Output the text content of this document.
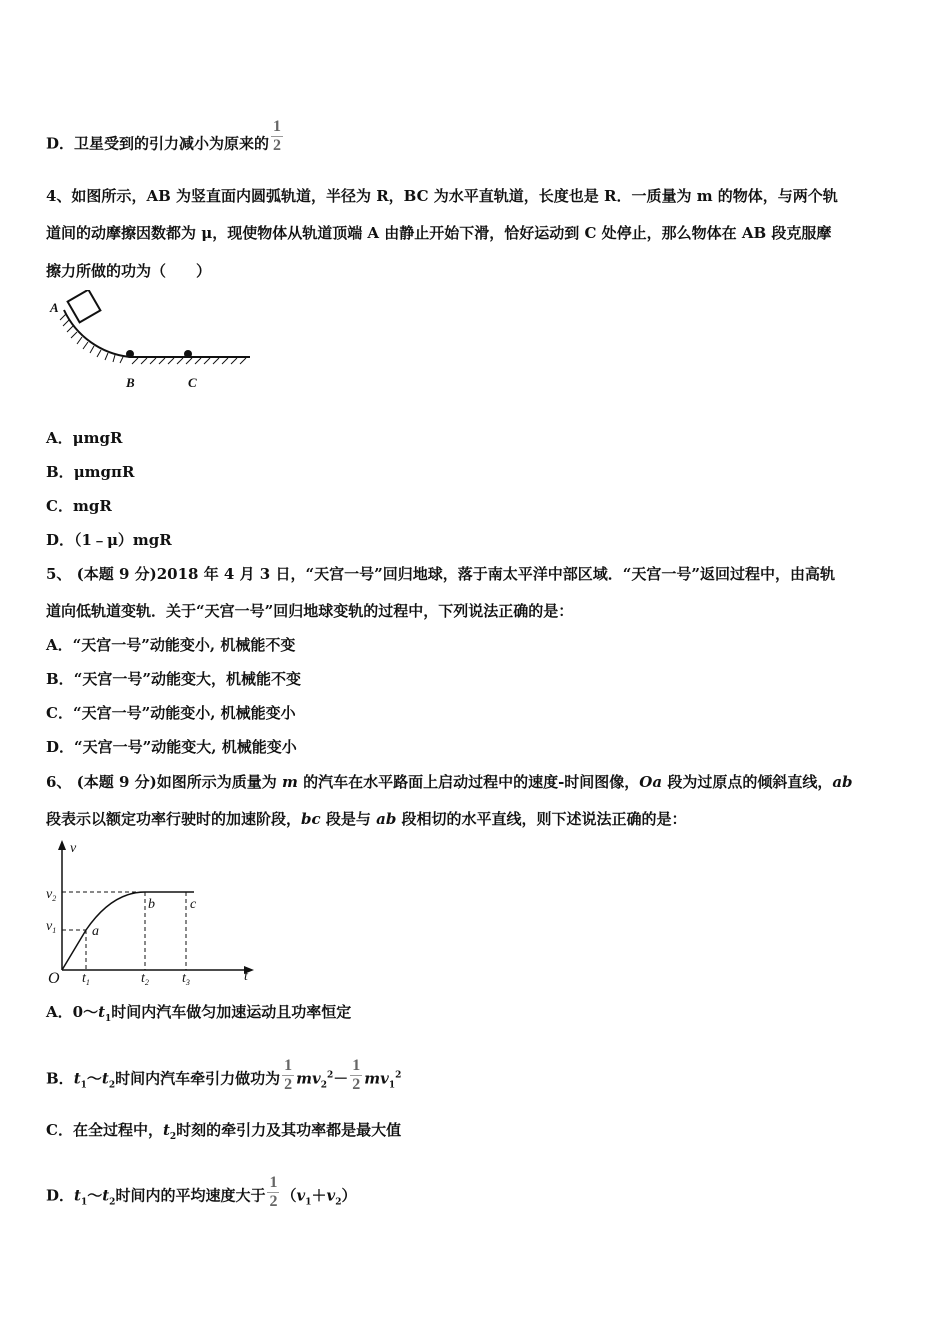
D．卫星受到的引力减小为原来的 $\frac{1}{2}$
4、如图所示，AB 为竖直面内圆弧轨道，半径为 R，BC 为水平直轨道，长度也是 R．一质量为 m 的物体，与两个轨
道间的动摩擦因数都为 μ，现使物体从轨道顶端 A 由静止开始下滑，恰好运动到 C 处停止，那么物体在 AB 段克服摩
擦力所做的功为（　　）
A
B	C
A．μmgR
B．μmgπR
C．mgR
D．（1﹣μ）mgR
5、 (本题 9 分)2018 年 4 月 3 日，“天宫一号”回归地球，落于南太平洋中部区域．“天宫一号”返回过程中，由高轨
道向低轨道变轨．关于“天宫一号”回归地球变轨的过程中，下列说法正确的是：
A．“天宫一号”动能变小, 机械能不变
B．“天宫一号”动能变大，机械能不变
C．“天宫一号”动能变小, 机械能变小
D．“天宫一号”动能变大, 机械能变小
6、 (本题 9 分)如图所示为质量为 m 的汽车在水平路面上启动过程中的速度-时间图像，Oa 段为过原点的倾斜直线，ab
段表示以额定功率行驶时的加速阶段，bc 段是与 ab 段相切的水平直线，则下述说法正确的是：
v
t
O
$v_2$
$v_1$
$t_1$	$t_2$ $t_3$
a
b	c
A．$0\sim t_1$时间内汽车做匀加速运动且功率恒定
B．$t_1\sim t_2$时间内汽车牵引力做功为 $\frac{1}{2} mv_2^2- \frac{1}{2} mv_1^2$
C．在全过程中，$t_2$时刻的牵引力及其功率都是最大值
D．$t_1\sim t_2$时间内的平均速度大于 $\frac{1}{2} (v_1+v_2)$
